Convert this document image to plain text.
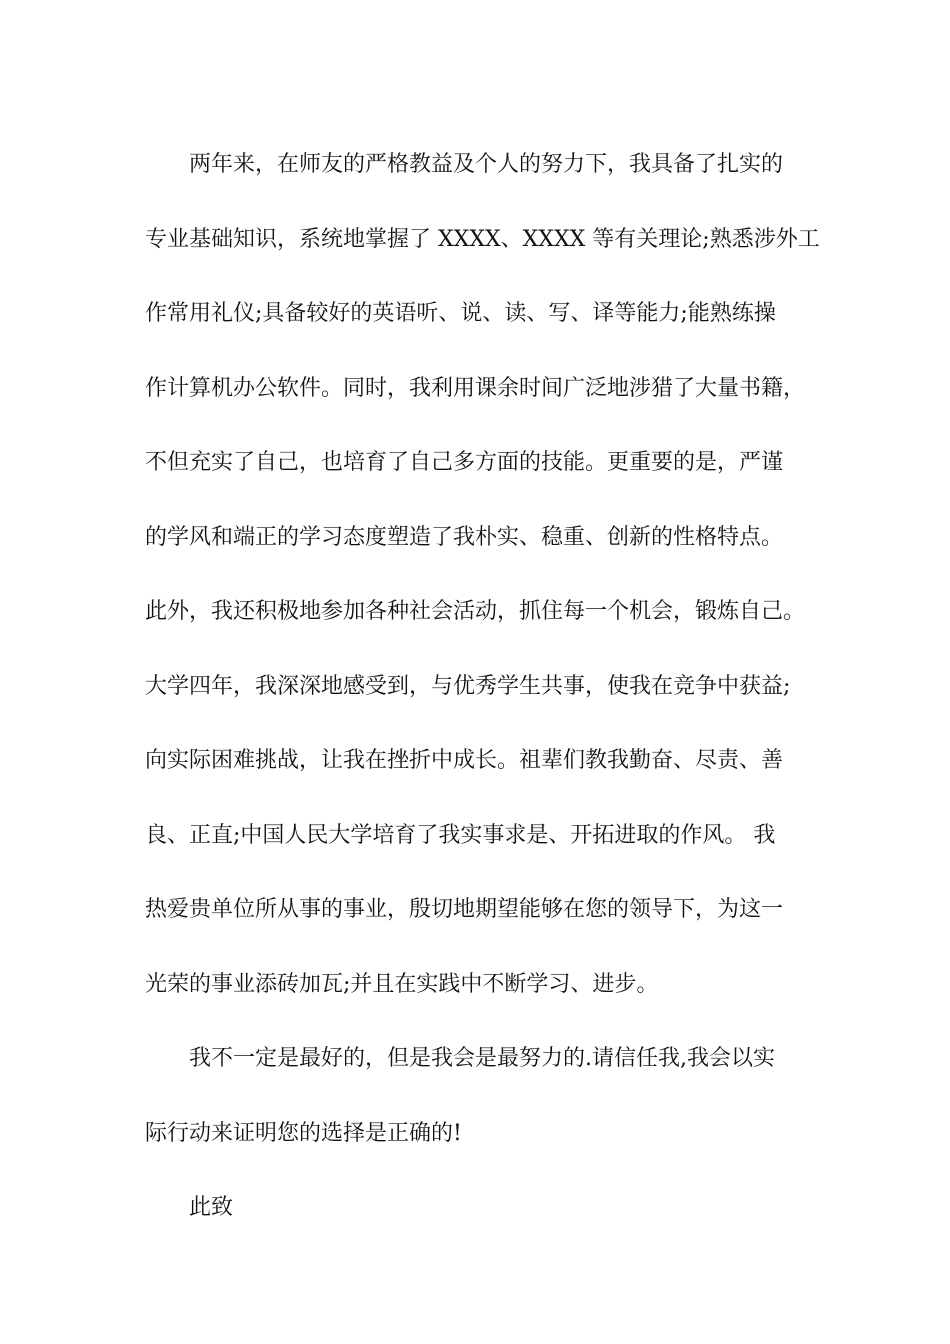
两年来，在师友的严格教益及个人的努力下，我具备了扎实的
专业基础知识，系统地掌握了 XXXX、XXXX 等有关理论;熟悉涉外工
作常用礼仪;具备较好的英语听、说、读、写、译等能力;能熟练操
作计算机办公软件。同时，我利用课余时间广泛地涉猎了大量书籍，
不但充实了自己，也培育了自己多方面的技能。更重要的是，严谨
的学风和端正的学习态度塑造了我朴实、稳重、创新的性格特点。
此外，我还积极地参加各种社会活动，抓住每一个机会，锻炼自己。
大学四年，我深深地感受到，与优秀学生共事，使我在竞争中获益;
向实际困难挑战，让我在挫折中成长。祖辈们教我勤奋、尽责、善
良、正直;中国人民大学培育了我实事求是、开拓进取的作风。 我
热爱贵单位所从事的事业，殷切地期望能够在您的领导下，为这一
光荣的事业添砖加瓦;并且在实践中不断学习、进步。
我不一定是最好的，但是我会是最努力的.请信任我,我会以实
际行动来证明您的选择是正确的!
此致
